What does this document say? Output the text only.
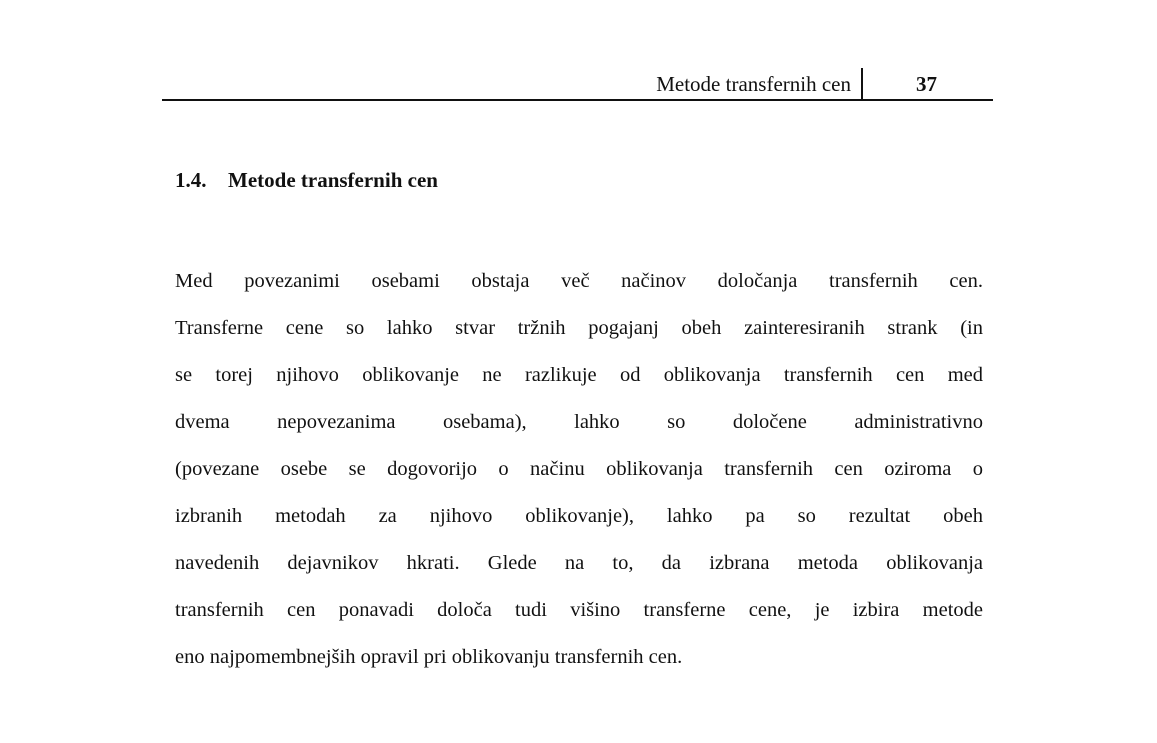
Metode transfernih cen	37
1.4. Metode transfernih cen
Med povezanimi osebami obstaja več načinov določanja transfernih cen.
Transferne cene so lahko stvar tržnih pogajanj obeh zainteresiranih strank (in
se torej njihovo oblikovanje ne razlikuje od oblikovanja transfernih cen med
dvema nepovezanima osebama), lahko so določene administrativno
(povezane osebe se dogovorijo o načinu oblikovanja transfernih cen oziroma o
izbranih metodah za njihovo oblikovanje), lahko pa so rezultat obeh
navedenih dejavnikov hkrati. Glede na to, da izbrana metoda oblikovanja
transfernih cen ponavadi določa tudi višino transferne cene, je izbira metode
eno najpomembnejših opravil pri oblikovanju transfernih cen.
